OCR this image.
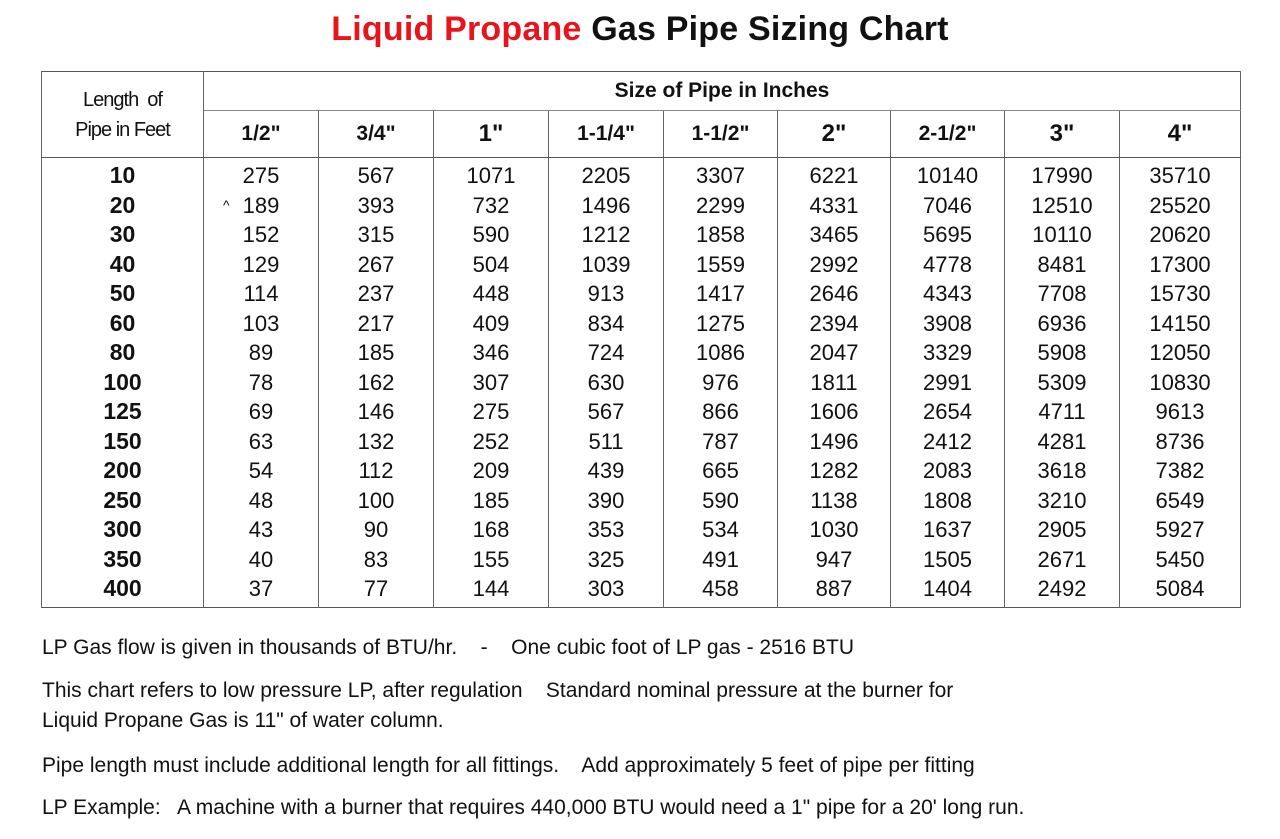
Liquid Propane Gas Pipe Sizing Chart
Length  of
Pipe in Feet	Size of Pipe in Inches								
	1/2"	3/4"	1"	1-1/4"	1-1/2"	2"	2-1/2"	3"	4"
10	275	567	1071	2205	3307	6221	10140	17990	35710
20	^ 189	393	732	1496	2299	4331	7046	12510	25520
30	152	315	590	1212	1858	3465	5695	10110	20620
40	129	267	504	1039	1559	2992	4778	8481	17300
50	114	237	448	913	1417	2646	4343	7708	15730
60	103	217	409	834	1275	2394	3908	6936	14150
80	89	185	346	724	1086	2047	3329	5908	12050
100	78	162	307	630	976	1811	2991	5309	10830
125	69	146	275	567	866	1606	2654	4711	9613
150	63	132	252	511	787	1496	2412	4281	8736
200	54	112	209	439	665	1282	2083	3618	7382
250	48	100	185	390	590	1138	1808	3210	6549
300	43	90	168	353	534	1030	1637	2905	5927
350	40	83	155	325	491	947	1505	2671	5450
400	37	77	144	303	458	887	1404	2492	5084
LP Gas flow is given in thousands of BTU/hr. - One cubic foot of LP gas - 2516 BTU
This chart refers to low pressure LP, after regulation    Standard nominal pressure at the burner for
Liquid Propane Gas is 11" of water column.
Pipe length must include additional length for all fittings.    Add approximately 5 feet of pipe per fitting
LP Example:   A machine with a burner that requires 440,000 BTU would need a 1" pipe for a 20' long run.
